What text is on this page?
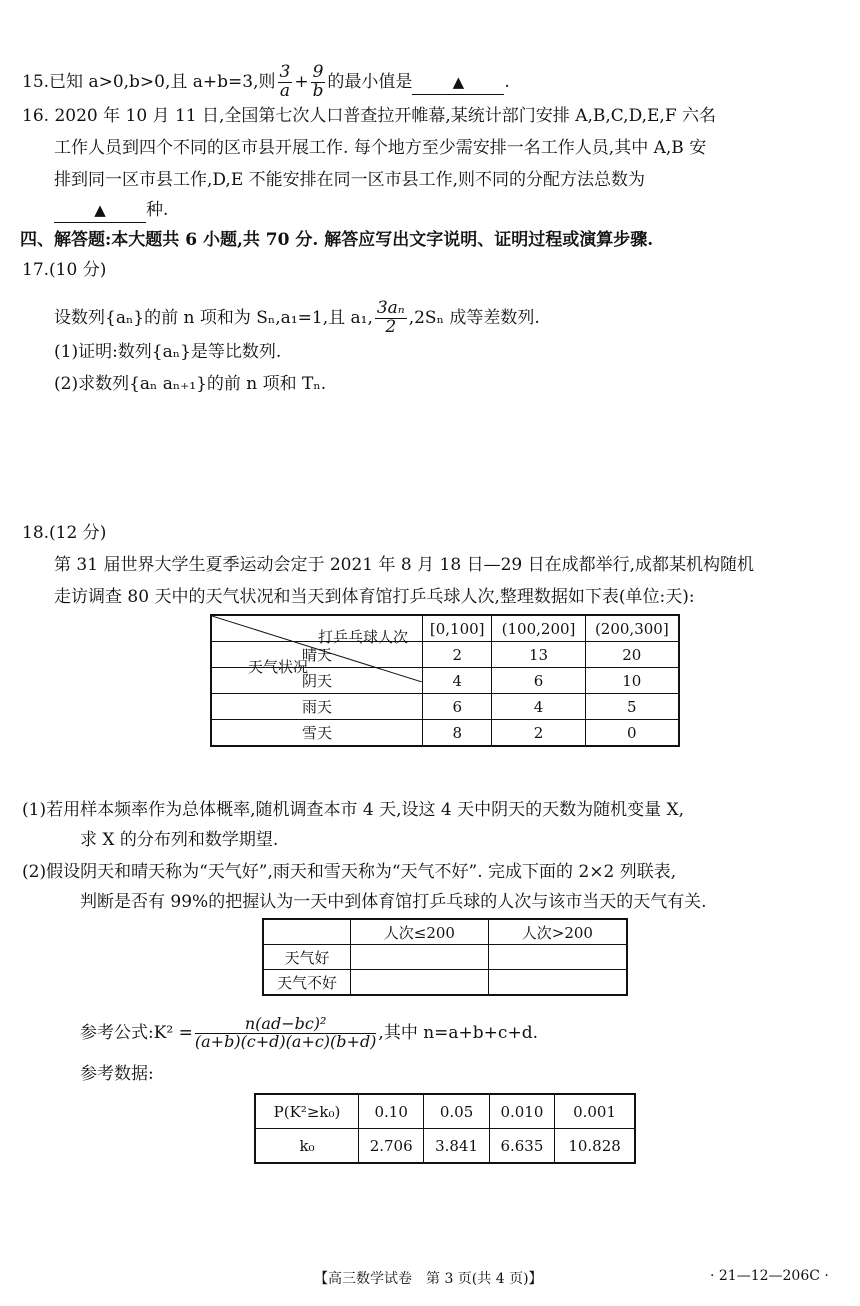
15.已知 a>0,b>0,且 a+b=3,则 $\frac{3}{a} + \frac{9}{b}$ 的最小值是	▲ .
16. 2020 年 10 月 11 日,全国第七次人口普查拉开帷幕,某统计部门安排 A,B,C,D,E,F 六名
工作人员到四个不同的区市县开展工作. 每个地方至少需安排一名工作人员,其中 A,B 安
排到同一区市县工作,D,E 不能安排在同一区市县工作,则不同的分配方法总数为
▲ 种.
四、解答题:本大题共 6 小题,共 70 分. 解答应写出文字说明、证明过程或演算步骤.
17.(10 分)
设数列{aₙ}的前 n 项和为 Sₙ,a₁=1,且 a₁, $\frac{\text{3aₙ}}{2} ,2S_n$ 成等差数列.
(1)证明:数列{aₙ}是等比数列.
(2)求数列{aₙ aₙ₊₁}的前 n 项和 Tₙ.
18.(12 分)
第 31 届世界大学生夏季运动会定于 2021 年 8 月 18 日—29 日在成都举行,成都某机构随机
走访调查 80 天中的天气状况和当天到体育馆打乒乓球人次,整理数据如下表(单位:天):
打乒乓球人次
天气状况	[0,100]	(100,200]	(200,300]
晴天	2	13	20
阴天	4	6	10
雨天	6	4	5
雪天	8	2	0
(1)若用样本频率作为总体概率,随机调查本市 4 天,设这 4 天中阴天的天数为随机变量 X,
求 X 的分布列和数学期望.
(2)假设阴天和晴天称为“天气好”,雨天和雪天称为“天气不好”. 完成下面的 2×2 列联表,
判断是否有 99%的把握认为一天中到体育馆打乒乓球的人次与该市当天的天气有关.
	人次≤200	人次>200
天气好		
天气不好		
参考公式:K² = $\frac{\text{n(ad−bc)²}}{(a+b)(c+d)(a+c)(b+d)}$ ,其中 n=a+b+c+d.
参考数据:
P(K²≥k₀)	0.10	0.05	0.010	0.001
k₀	2.706	3.841	6.635	10.828
【高三数学试卷　第 3 页(共 4 页)】	· 21—12—206C ·
